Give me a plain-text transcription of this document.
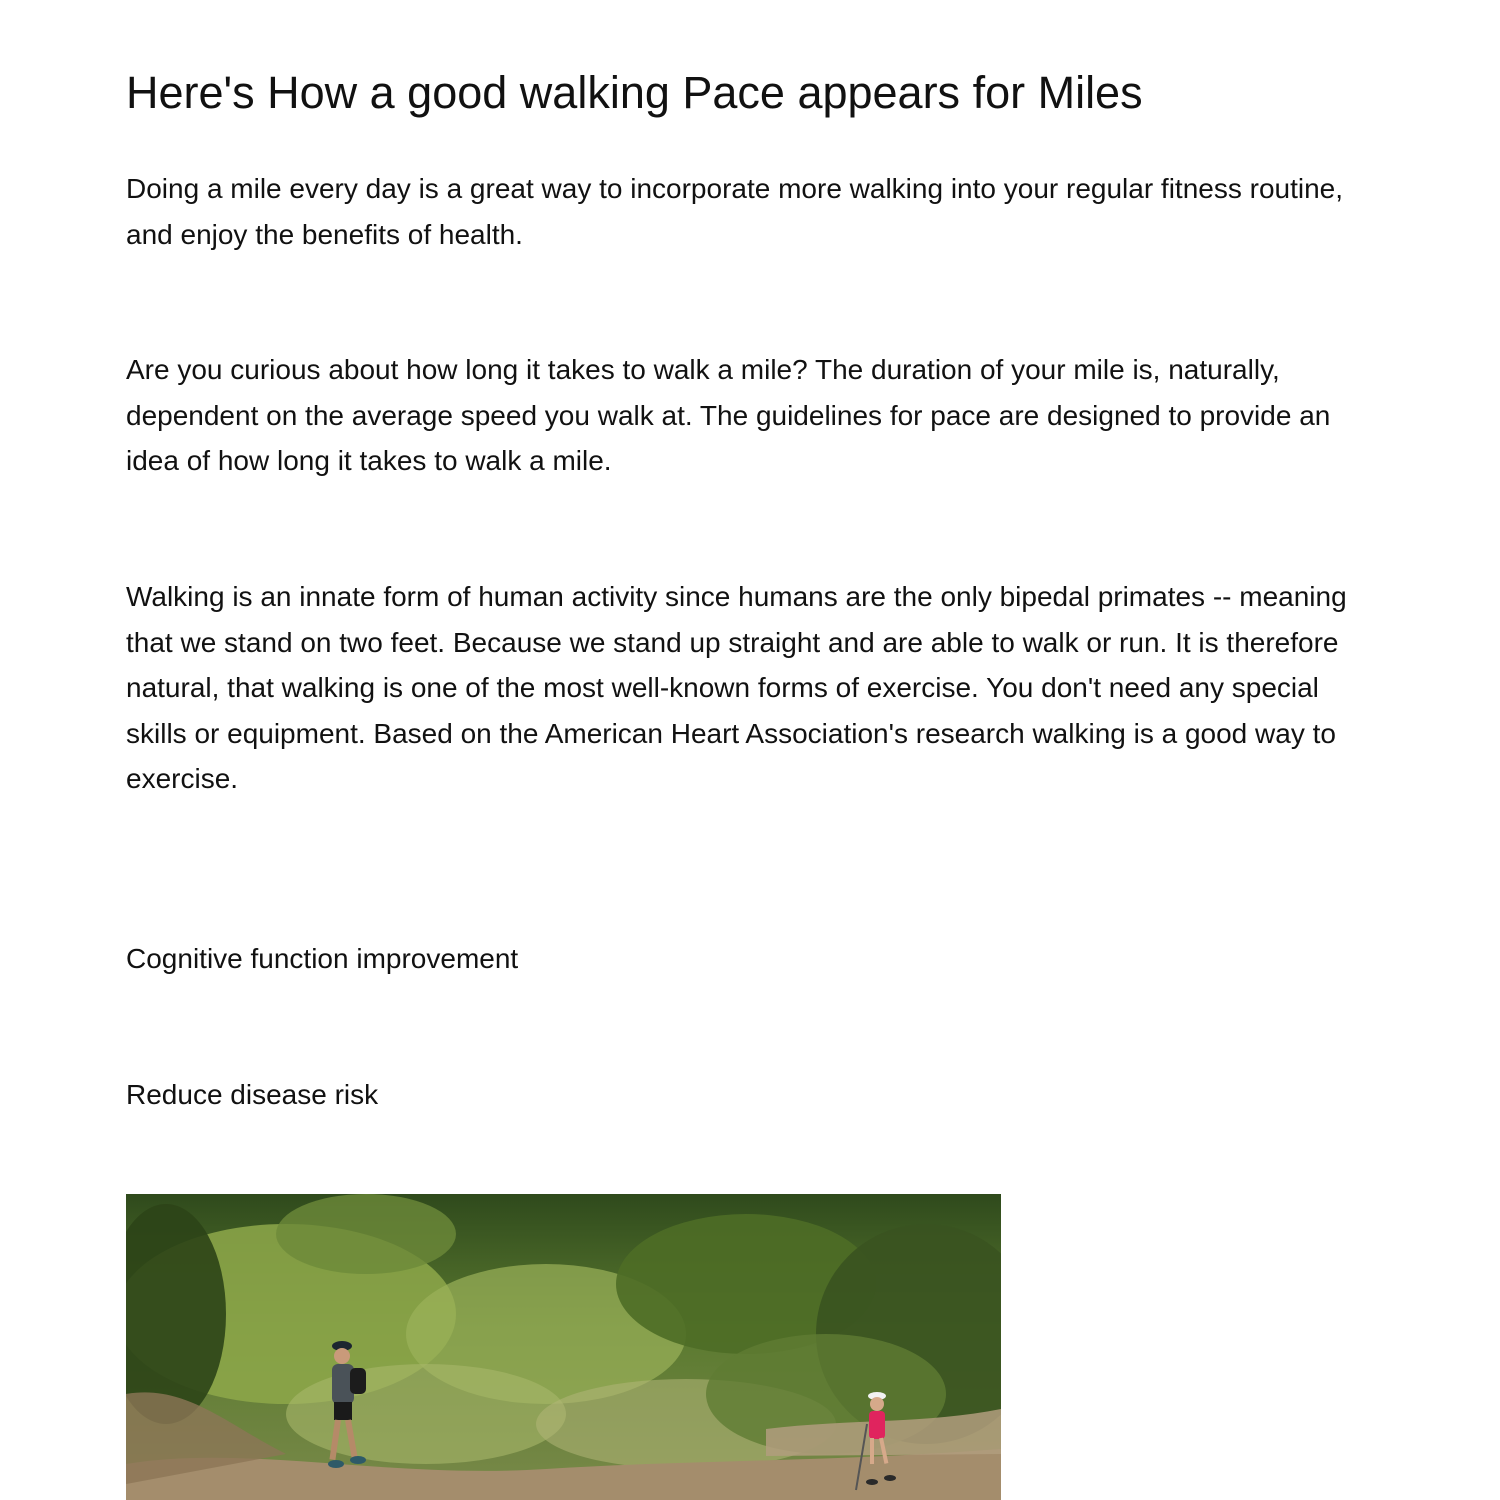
Here's How a good walking Pace appears for Miles

Doing a mile every day is a great way to incorporate more walking into your regular fitness routine, and enjoy the benefits of health.

Are you curious about how long it takes to walk a mile? The duration of your mile is, naturally, dependent on the average speed you walk at. The guidelines for pace are designed to provide an idea of how long it takes to walk a mile.

Walking is an innate form of human activity since humans are the only bipedal primates -- meaning that we stand on two feet. Because we stand up straight and are able to walk or run. It is therefore natural, that walking is one of the most well-known forms of exercise. You don't need any special skills or equipment. Based on the American Heart Association's research walking is a good way to exercise.

Cognitive function improvement

Reduce disease risk
